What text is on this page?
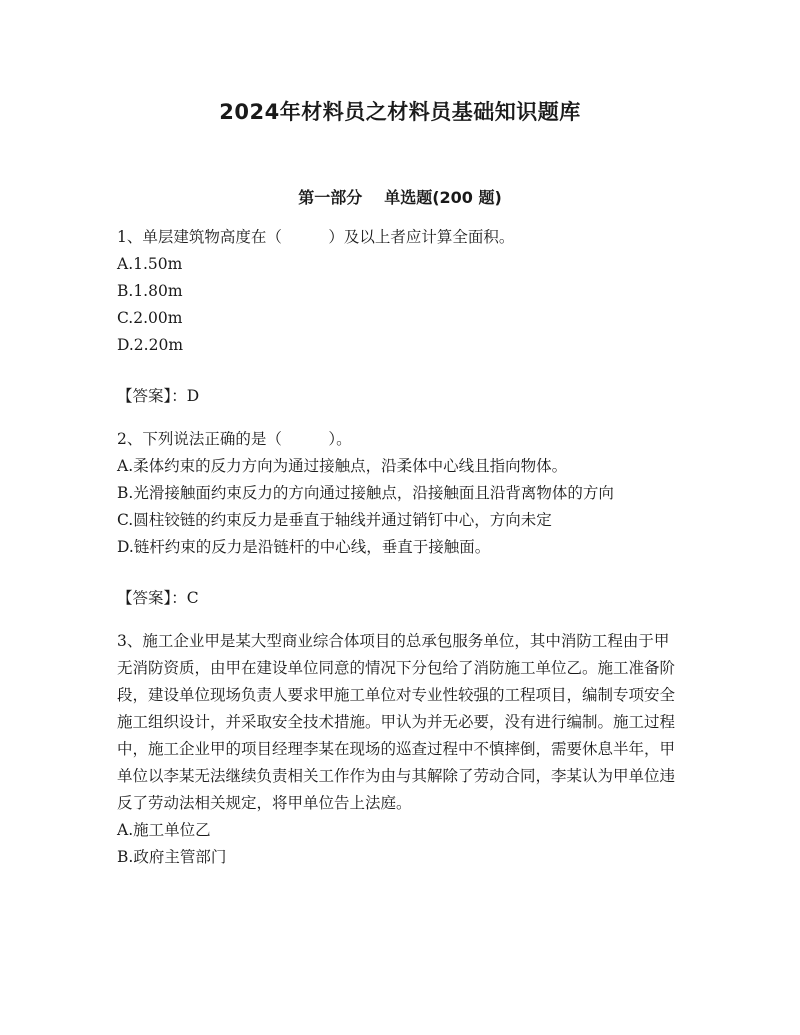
2024年材料员之材料员基础知识题库
第一部分 单选题(200 题)
1、单层建筑物高度在（　　　）及以上者应计算全面积。
A.1.50m
B.1.80m
C.2.00m
D.2.20m
【答案】：D
2、下列说法正确的是（　　　）。
A.柔体约束的反力方向为通过接触点，沿柔体中心线且指向物体。
B.光滑接触面约束反力的方向通过接触点，沿接触面且沿背离物体的方向
C.圆柱铰链的约束反力是垂直于轴线并通过销钉中心，方向未定
D.链杆约束的反力是沿链杆的中心线，垂直于接触面。
【答案】：C
3、施工企业甲是某大型商业综合体项目的总承包服务单位，其中消防工程由于甲无消防资质，由甲在建设单位同意的情况下分包给了消防施工单位乙。施工准备阶段，建设单位现场负责人要求甲施工单位对专业性较强的工程项目，编制专项安全施工组织设计，并采取安全技术措施。甲认为并无必要，没有进行编制。施工过程中，施工企业甲的项目经理李某在现场的巡查过程中不慎摔倒，需要休息半年，甲单位以李某无法继续负责相关工作作为由与其解除了劳动合同，李某认为甲单位违反了劳动法相关规定，将甲单位告上法庭。
A.施工单位乙
B.政府主管部门
